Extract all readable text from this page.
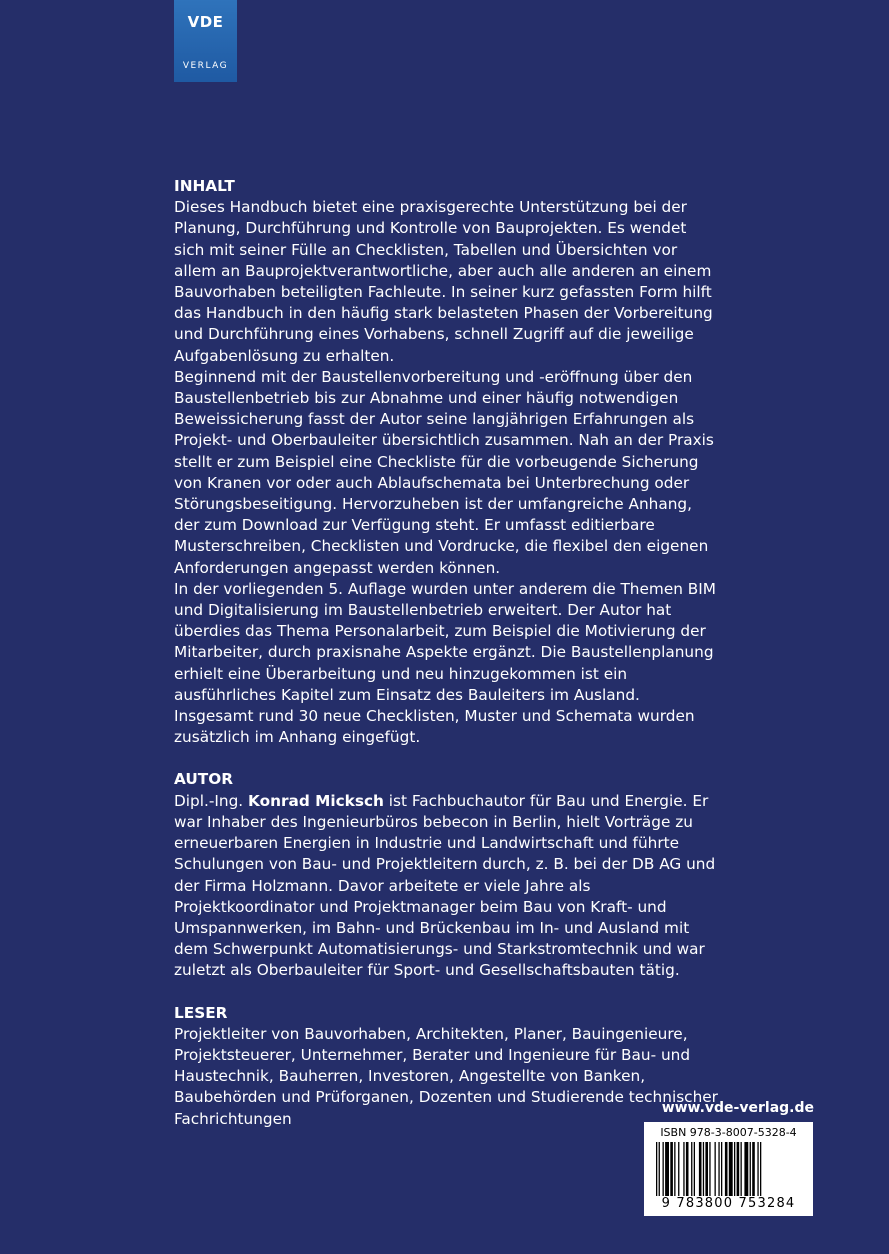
VDE
VERLAG
INHALT

Dieses Handbuch bietet eine praxisgerechte Unterstützung bei der Planung, Durchführung und Kontrolle von Bauprojekten. Es wendet sich mit seiner Fülle an Checklisten, Tabellen und Übersichten vor allem an Bauprojektverantwortliche, aber auch alle anderen an einem Bauvorhaben beteiligten Fachleute. In seiner kurz gefassten Form hilft das Handbuch in den häufig stark belasteten Phasen der Vorbereitung und Durchführung eines Vorhabens, schnell Zugriff auf die jeweilige Aufgabenlösung zu erhalten.

Beginnend mit der Baustellenvorbereitung und -eröffnung über den Baustellenbetrieb bis zur Abnahme und einer häufig notwendigen Beweissicherung fasst der Autor seine langjährigen Erfahrungen als Projekt- und Oberbauleiter übersichtlich zusammen. Nah an der Praxis stellt er zum Beispiel eine Checkliste für die vorbeugende Sicherung von Kranen vor oder auch Ablaufschemata bei Unterbrechung oder Störungsbeseitigung. Hervorzuheben ist der umfangreiche Anhang, der zum Download zur Verfügung steht. Er umfasst editierbare Musterschreiben, Checklisten und Vordrucke, die flexibel den eigenen Anforderungen angepasst werden können.

In der vorliegenden 5. Auflage wurden unter anderem die Themen BIM und Digitalisierung im Baustellenbetrieb erweitert. Der Autor hat überdies das Thema Personalarbeit, zum Beispiel die Motivierung der Mitarbeiter, durch praxisnahe Aspekte ergänzt. Die Baustellenplanung erhielt eine Überarbeitung und neu hinzugekommen ist ein ausführliches Kapitel zum Einsatz des Bauleiters im Ausland. Insgesamt rund 30 neue Checklisten, Muster und Schemata wurden zusätzlich im Anhang eingefügt.

AUTOR

Dipl.-Ing. Konrad Micksch ist Fachbuchautor für Bau und Energie. Er war Inhaber des Ingenieurbüros bebecon in Berlin, hielt Vorträge zu erneuerbaren Energien in Industrie und Landwirtschaft und führte Schulungen von Bau- und Projektleitern durch, z. B. bei der DB AG und der Firma Holzmann. Davor arbeitete er viele Jahre als Projektkoordinator und Projektmanager beim Bau von Kraft- und Umspannwerken, im Bahn- und Brückenbau im In- und Ausland mit dem Schwerpunkt Automatisierungs- und Starkstromtechnik und war zuletzt als Oberbauleiter für Sport- und Gesellschaftsbauten tätig.

LESER

Projektleiter von Bauvorhaben, Architekten, Planer, Bauingenieure, Projektsteuerer, Unternehmer, Berater und Ingenieure für Bau- und Haustechnik, Bauherren, Investoren, Angestellte von Banken, Baubehörden und Prüforganen, Dozenten und Studierende technischer Fachrichtungen

www.vde-verlag.de
ISBN 978-3-8007-5328-4
9 783800 753284
